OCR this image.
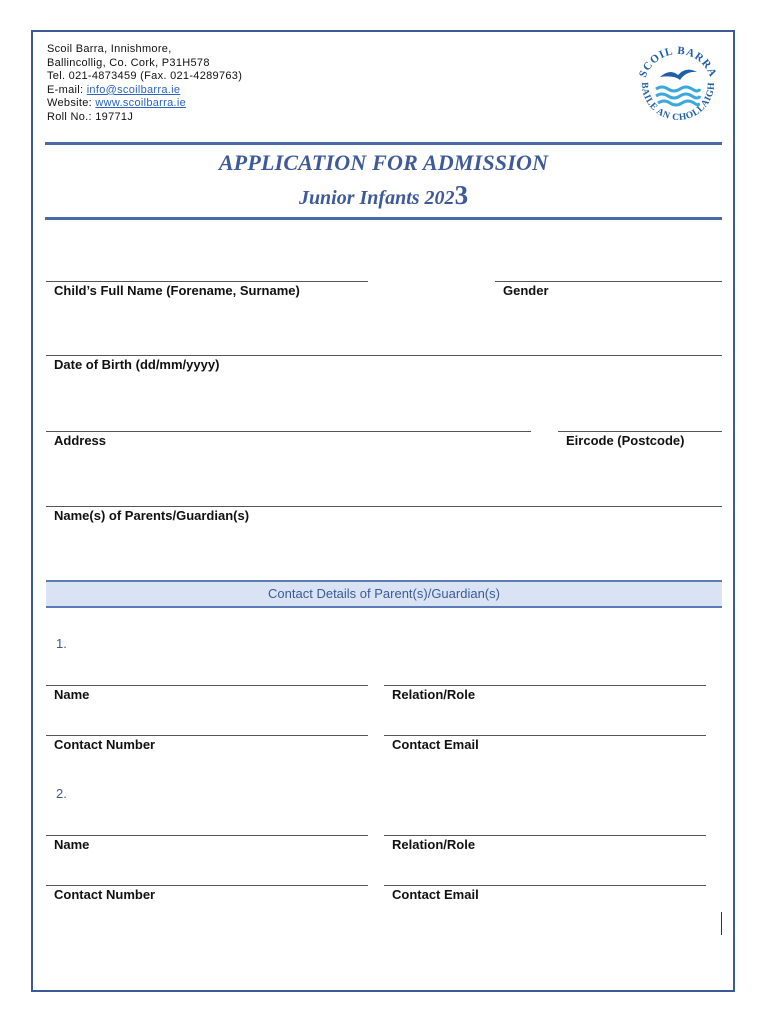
Scoil Barra, Innishmore,
Ballincollig, Co. Cork, P31H578
Tel. 021-4873459 (Fax. 021-4289763)
E-mail: info@scoilbarra.ie
Website: www.scoilbarra.ie
Roll No.: 19771J
SCOIL BARRA
BAILE AN CHOLLAIGH
APPLICATION FOR ADMISSION
Junior Infants 2023
Child’s Full Name (Forename, Surname)	Gender
Date of Birth (dd/mm/yyyy)
Address	Eircode (Postcode)
Name(s) of Parents/Guardian(s)
Contact Details of Parent(s)/Guardian(s)
1.
Name	Relation/Role
Contact Number	Contact Email
2.
Name	Relation/Role
Contact Number	Contact Email
